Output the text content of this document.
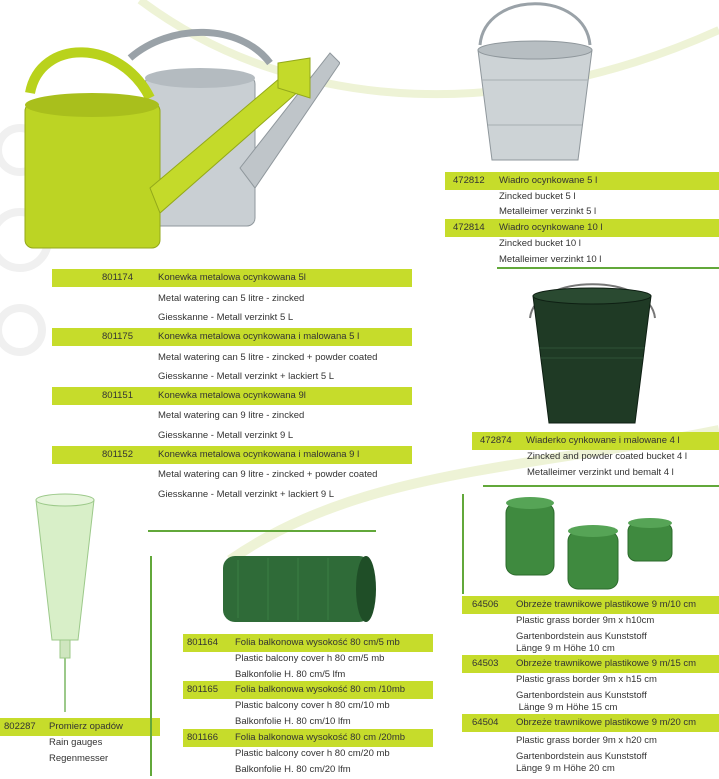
801174	Konewka metalowa ocynkowana 5l
Metal watering can 5 litre - zincked
Giesskanne - Metall verzinkt 5 L
801175	Konewka metalowa ocynkowana i malowana 5 l
Metal watering can 5 litre - zincked + powder coated
Giesskanne - Metall verzinkt + lackiert 5 L
801151	Konewka metalowa ocynkowana 9l
Metal watering can 9 litre - zincked
Giesskanne - Metall verzinkt 9 L
801152	Konewka metalowa ocynkowana i malowana 9 l
Metal watering can 9 litre - zincked + powder coated
Giesskanne - Metall verzinkt + lackiert 9 L
472812 Wiadro ocynkowane 5 l
Zincked bucket 5 l
Metalleimer verzinkt 5 l
472814 Wiadro ocynkowane 10 l
Zincked bucket 10 l
Metalleimer verzinkt 10 l
472874 Wiaderko cynkowane i malowane 4 l
Zincked and powder coated bucket 4 l
Metalleimer verzinkt und bemalt 4 l
802287 Promierz opadów
Rain gauges
Regenmesser
801164 Folia balkonowa wysokość 80 cm/5 mb
Plastic balcony cover h 80 cm/5 mb
Balkonfolie H. 80 cm/5 lfm
801165 Folia balkonowa wysokość 80 cm /10mb
Plastic balcony cover h 80 cm/10 mb
Balkonfolie H. 80 cm/10 lfm
801166 Folia balkonowa wysokość 80 cm /20mb
Plastic balcony cover h 80 cm/20 mb
Balkonfolie H. 80 cm/20 lfm
64506 Obrzeże trawnikowe plastikowe 9 m/10 cm
Plastic grass border 9m x h10cm
Gartenbordstein aus Kunststoff
Länge 9 m Höhe 10 cm
64503 Obrzeże trawnikowe plastikowe 9 m/15 cm
Plastic grass border 9m x h15 cm
Gartenbordstein aus Kunststoff
Länge 9 m Höhe 15 cm
64504 Obrzeże trawnikowe plastikowe 9 m/20 cm
Plastic grass border 9m x h20 cm
Gartenbordstein aus Kunststoff
Länge 9 m Höhe 20 cm
